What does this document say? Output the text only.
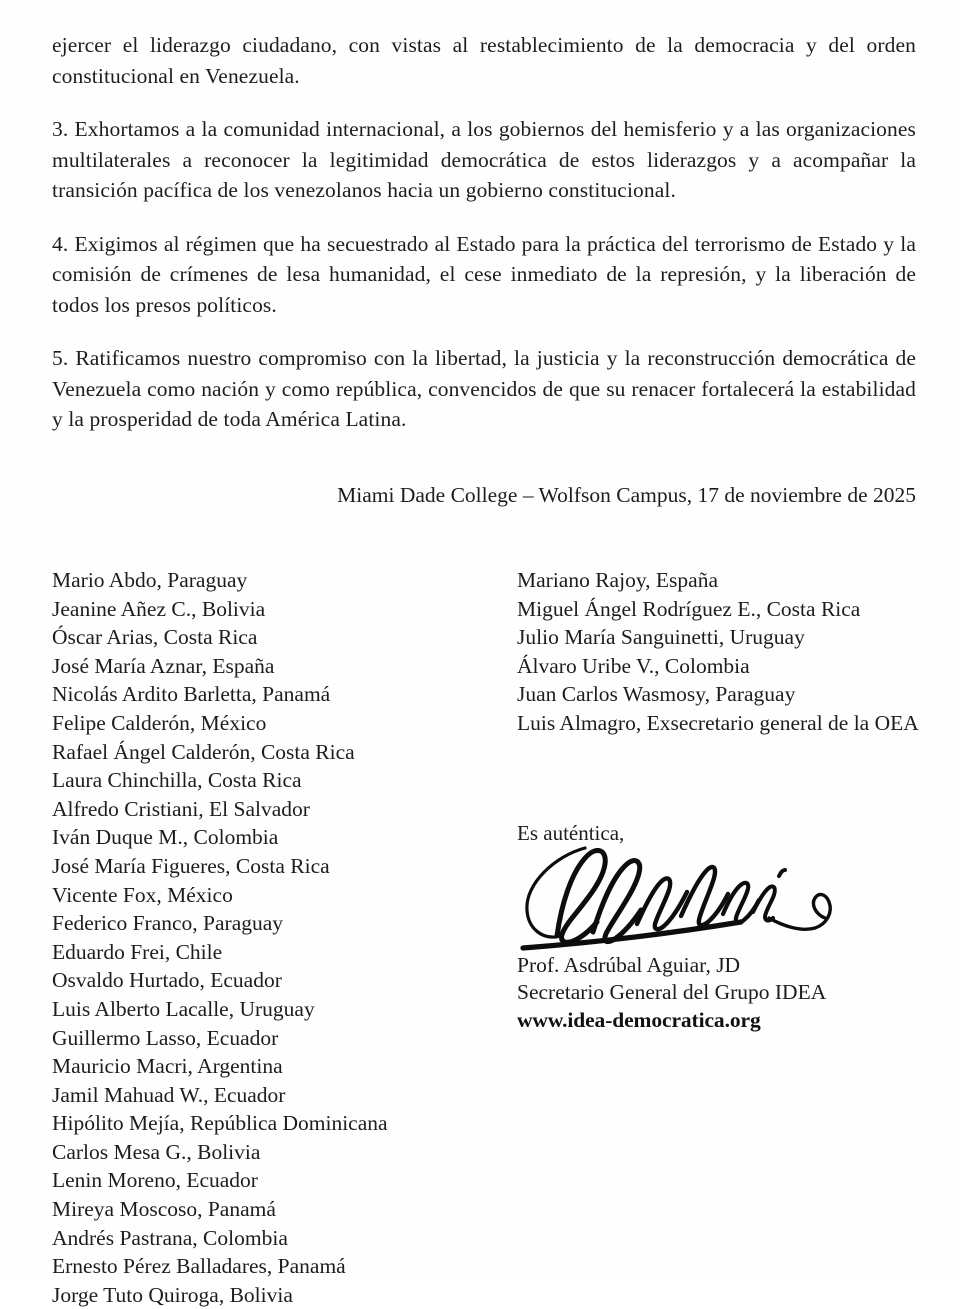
ejercer el liderazgo ciudadano, con vistas al restablecimiento de la democracia y del orden constitucional en Venezuela.

3. Exhortamos a la comunidad internacional, a los gobiernos del hemisferio y a las organizaciones multilaterales a reconocer la legitimidad democrática de estos liderazgos y a acompañar la transición pacífica de los venezolanos hacia un gobierno constitucional.

4. Exigimos al régimen que ha secuestrado al Estado para la práctica del terrorismo de Estado y la comisión de crímenes de lesa humanidad, el cese inmediato de la represión, y la liberación de todos los presos políticos.

5. Ratificamos nuestro compromiso con la libertad, la justicia y la reconstrucción democrática de Venezuela como nación y como república, convencidos de que su renacer fortalecerá la estabilidad y la prosperidad de toda América Latina.

Miami Dade College – Wolfson Campus, 17 de noviembre de 2025
Mario Abdo, Paraguay
Jeanine Añez C., Bolivia
Óscar Arias, Costa Rica
José María Aznar, España
Nicolás Ardito Barletta, Panamá
Felipe Calderón, México
Rafael Ángel Calderón, Costa Rica
Laura Chinchilla, Costa Rica
Alfredo Cristiani, El Salvador
Iván Duque M., Colombia
José María Figueres, Costa Rica
Vicente Fox, México
Federico Franco, Paraguay
Eduardo Frei, Chile
Osvaldo Hurtado, Ecuador
Luis Alberto Lacalle, Uruguay
Guillermo Lasso, Ecuador
Mauricio Macri, Argentina
Jamil Mahuad W., Ecuador
Hipólito Mejía, República Dominicana
Carlos Mesa G., Bolivia
Lenin Moreno, Ecuador
Mireya Moscoso, Panamá
Andrés Pastrana, Colombia
Ernesto Pérez Balladares, Panamá
Jorge Tuto Quiroga, Bolivia
Mariano Rajoy, España
Miguel Ángel Rodríguez E., Costa Rica
Julio María Sanguinetti, Uruguay
Álvaro Uribe V., Colombia
Juan Carlos Wasmosy, Paraguay
Luis Almagro, Exsecretario general de la OEA
Es auténtica,
Prof. Asdrúbal Aguiar, JD
Secretario General del Grupo IDEA
www.idea-democratica.org
